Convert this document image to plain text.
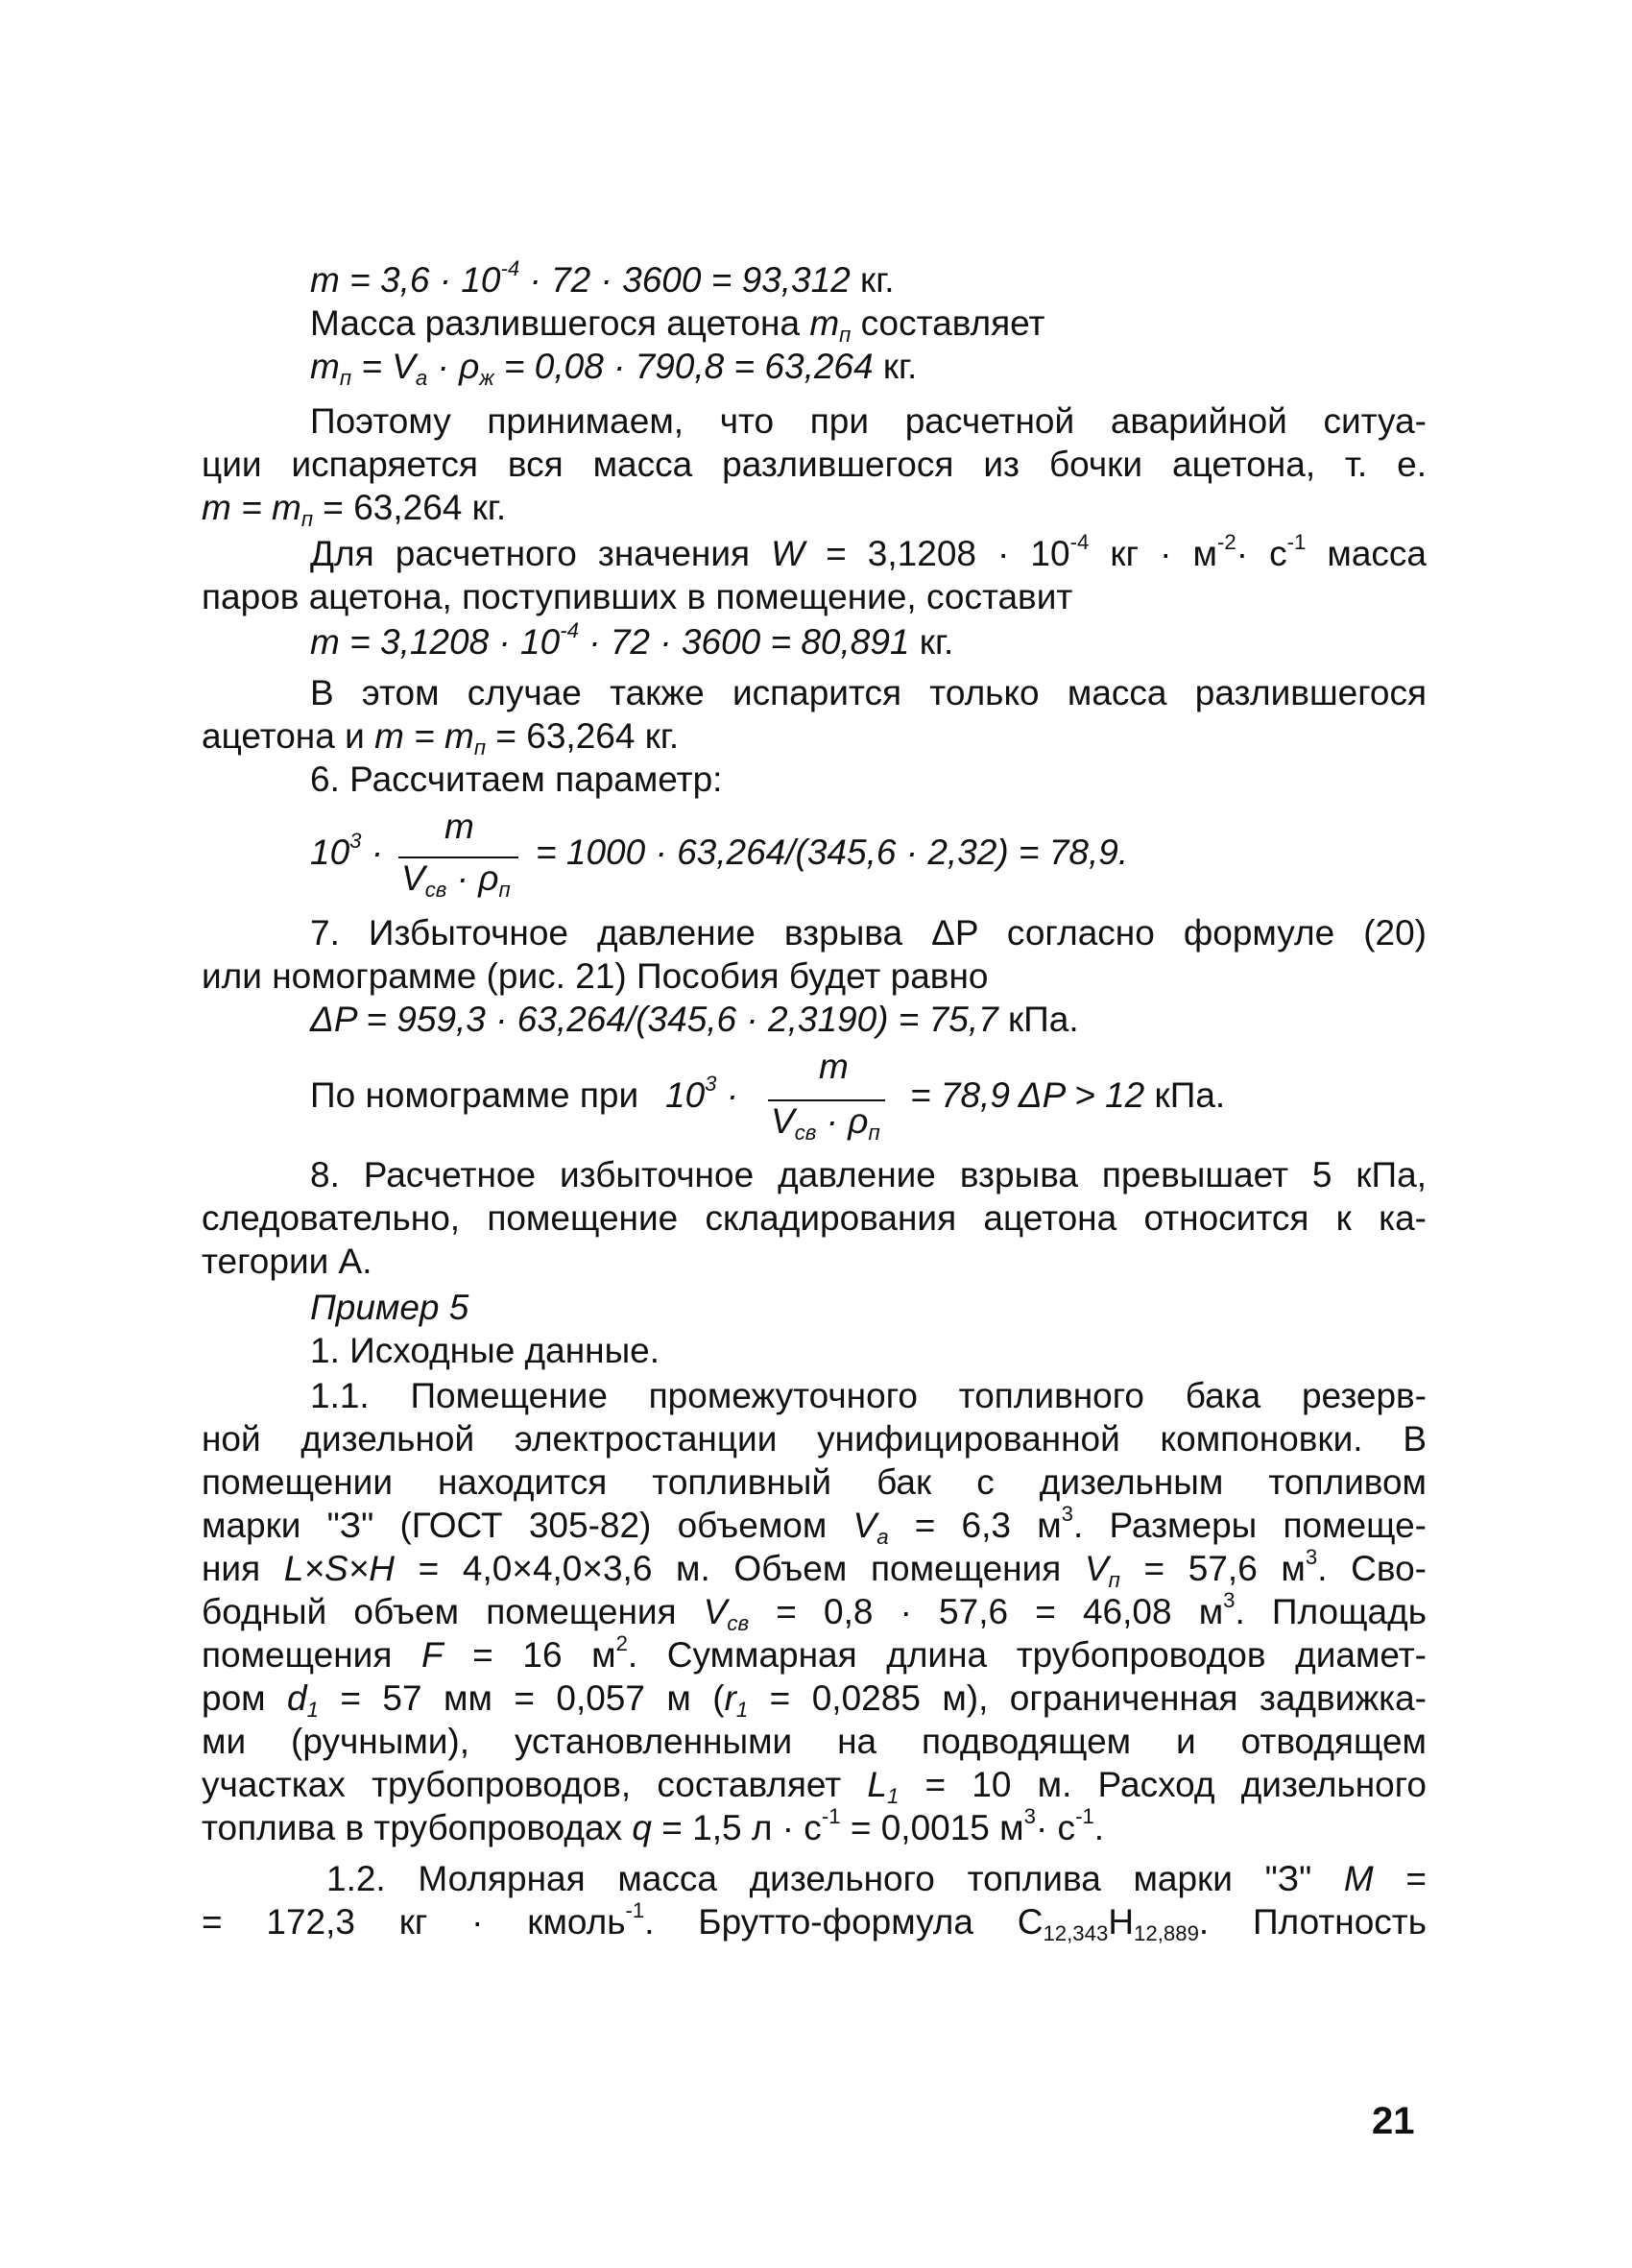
$m = 3,6 \cdot 10^{-4} \cdot 72 \cdot 3600 = 93,312$ кг.
Масса разлившегося ацетона $m_п$ составляет
$m_п = V_а \cdot \rho_ж = 0,08 \cdot 790,8 = 63,264$ кг.
Поэтому принимаем, что при расчетной аварийной ситуа-
ции испаряется вся масса разлившегося из бочки ацетона, т. е.
$m = m_п = 63,264$ кг.
Для расчетного значения $W = 3,1208 \cdot 10^{-4}$ кг · $м^{-2}\cdot с^{-1}$ масса
паров ацетона, поступивших в помещение, составит
$m = 3,1208 \cdot 10^{-4} \cdot 72 \cdot 3600 = 80,891$ кг.
В этом случае также испарится только масса разлившегося
ацетона и $m = m_п = 63,264$ кг.
6. Рассчитаем параметр:
$10^3$ ·
m
$V_{св} \cdot \rho_п$
= 1000 · 63,264/(345,6 · 2,32) = 78,9.
7. Избыточное давление взрыва ΔP согласно формуле (20)
или номограмме (рис. 21) Пособия будет равно
ΔP = 959,3 · 63,264/(345,6 · 2,3190) = 75,7 кПа.
По номограмме при $10^3$ ·
m
$V_{св} \cdot \rho_п$
= 78,9 ΔP > 12 кПа.
8. Расчетное избыточное давление взрыва превышает 5 кПа,
следовательно, помещение складирования ацетона относится к ка-
тегории А.
Пример 5
1. Исходные данные.
1.1. Помещение промежуточного топливного бака резерв-
ной дизельной электростанции унифицированной компоновки. В
помещении находится топливный бак с дизельным топливом
марки "З" (ГОСТ 305-82) объемом $V_а = 6,3$ $м^3$. Размеры помеще-
ния L×S×H = 4,0×4,0×3,6 м. Объем помещения $V_п = 57,6$ $м^3$. Сво-
бодный объем помещения $V_{св} = 0,8 \cdot 57,6 = 46,08$ $м^3$. Площадь
помещения F = 16 $м^2$. Суммарная длина трубопроводов диамет-
ром $d_1 = 57$ мм = 0,057 м ($r_1 = 0,0285$ м), ограниченная задвижка-
ми (ручными), установленными на подводящем и отводящем
участках трубопроводов, составляет $L_1 = 10$ м. Расход дизельного
топлива в трубопроводах q = 1,5 $л \cdot с^{-1} = 0,0015$ $м^3\cdot с^{-1}$.
1.2. Молярная масса дизельного топлива марки "З" M =
= 172,3 кг · кмоль$^{-1}$. Брутто-формула $С_{12,343}Н_{12,889}$. Плотность
21
